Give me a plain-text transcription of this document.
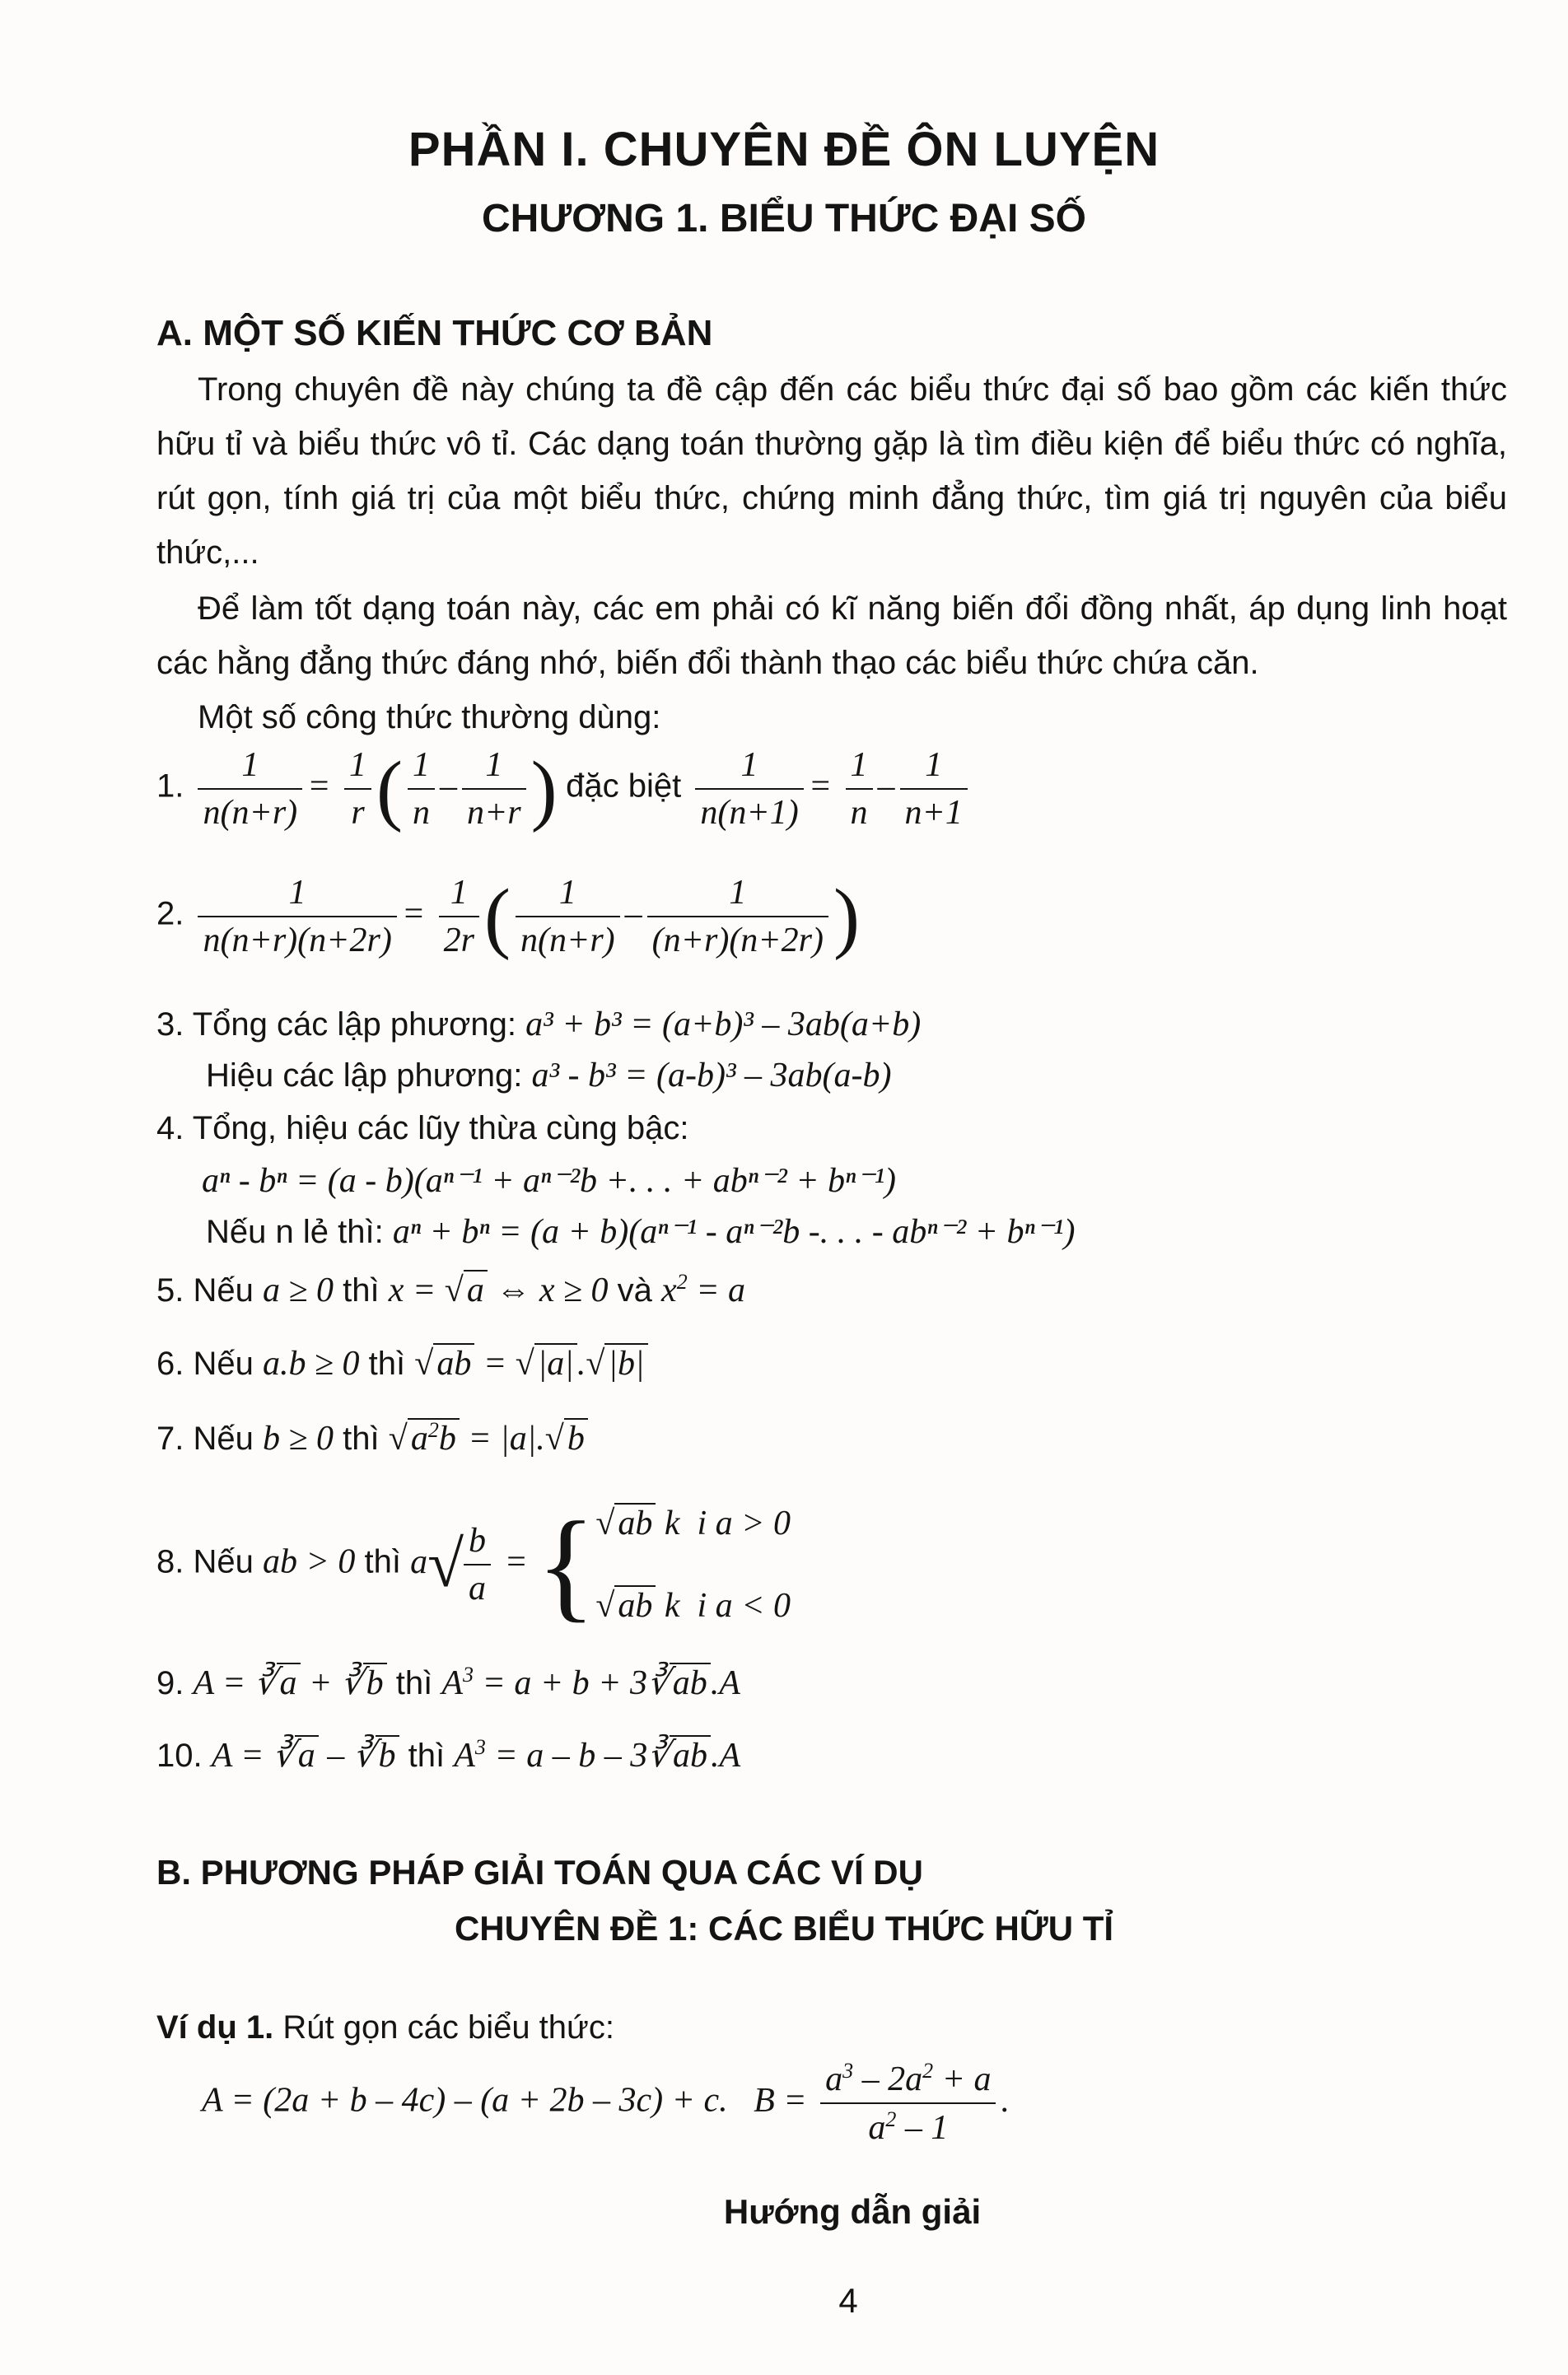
PHẦN I. CHUYÊN ĐỀ ÔN LUYỆN
CHƯƠNG 1. BIỂU THỨC ĐẠI SỐ
A. MỘT SỐ KIẾN THỨC CƠ BẢN
Trong chuyên đề này chúng ta đề cập đến các biểu thức đại số bao gồm các kiến thức hữu tỉ và biểu thức vô tỉ. Các dạng toán thường gặp là tìm điều kiện để biểu thức có nghĩa, rút gọn, tính giá trị của một biểu thức, chứng minh đẳng thức, tìm giá trị nguyên của biểu thức,...
Để làm tốt dạng toán này, các em phải có kĩ năng biến đổi đồng nhất, áp dụng linh hoạt các hằng đẳng thức đáng nhớ, biến đổi thành thạo các biểu thức chứa căn.
Một số công thức thường dùng:
1. $\frac{1}{n(n+r)} = \frac{1}{r}$ ( $\frac{1}{n} - \frac{1}{n+r}$ ) đặc biệt $\frac{1}{n(n+1)} = \frac{1}{n} - \frac{1}{n+1}$
2. $\frac{1}{n(n+r)(n+2r)} = \frac{1}{2r}$ ( $\frac{1}{n(n+r)} - \frac{1}{(n+r)(n+2r)}$ )
3. Tổng các lập phương: a³ + b³ = (a+b)³ – 3ab(a+b)
Hiệu các lập phương: a³ - b³ = (a-b)³ – 3ab(a-b)
4. Tổng, hiệu các lũy thừa cùng bậc:
aⁿ - bⁿ = (a - b)(aⁿ⁻¹ + aⁿ⁻²b +. . . + abⁿ⁻² + bⁿ⁻¹)
Nếu n lẻ thì: aⁿ + bⁿ = (a + b)(aⁿ⁻¹ - aⁿ⁻²b -. . . - abⁿ⁻² + bⁿ⁻¹)
5. Nếu a ≥ 0 thì x = √a ⇔ x ≥ 0 và $x^2 = a$
6. Nếu a.b ≥ 0 thì √ab = √|a|.√|b|
7. Nếu b ≥ 0 thì $√a^2b = |a|.√b$
8. Nếu ab > 0 thì $a√ \frac{b}{a}$ = { √ab k  i a > 0
√ab k  i a < 0
9. A = ∛a + ∛b thì $A^3 = a + b$ + 3∛ab.A
10. A = ∛a – ∛b thì $A^3 = a - b$ – 3∛ab.A
B. PHƯƠNG PHÁP GIẢI TOÁN QUA CÁC VÍ DỤ
CHUYÊN ĐỀ 1: CÁC BIỂU THỨC HỮU TỈ
Ví dụ 1. Rút gọn các biểu thức:
A = (2a + b – 4c) – (a + 2b – 3c) + c. $B = \frac{a^3 - 2a^2 + a}{a^2 - 1}$ .
Hướng dẫn giải
4
